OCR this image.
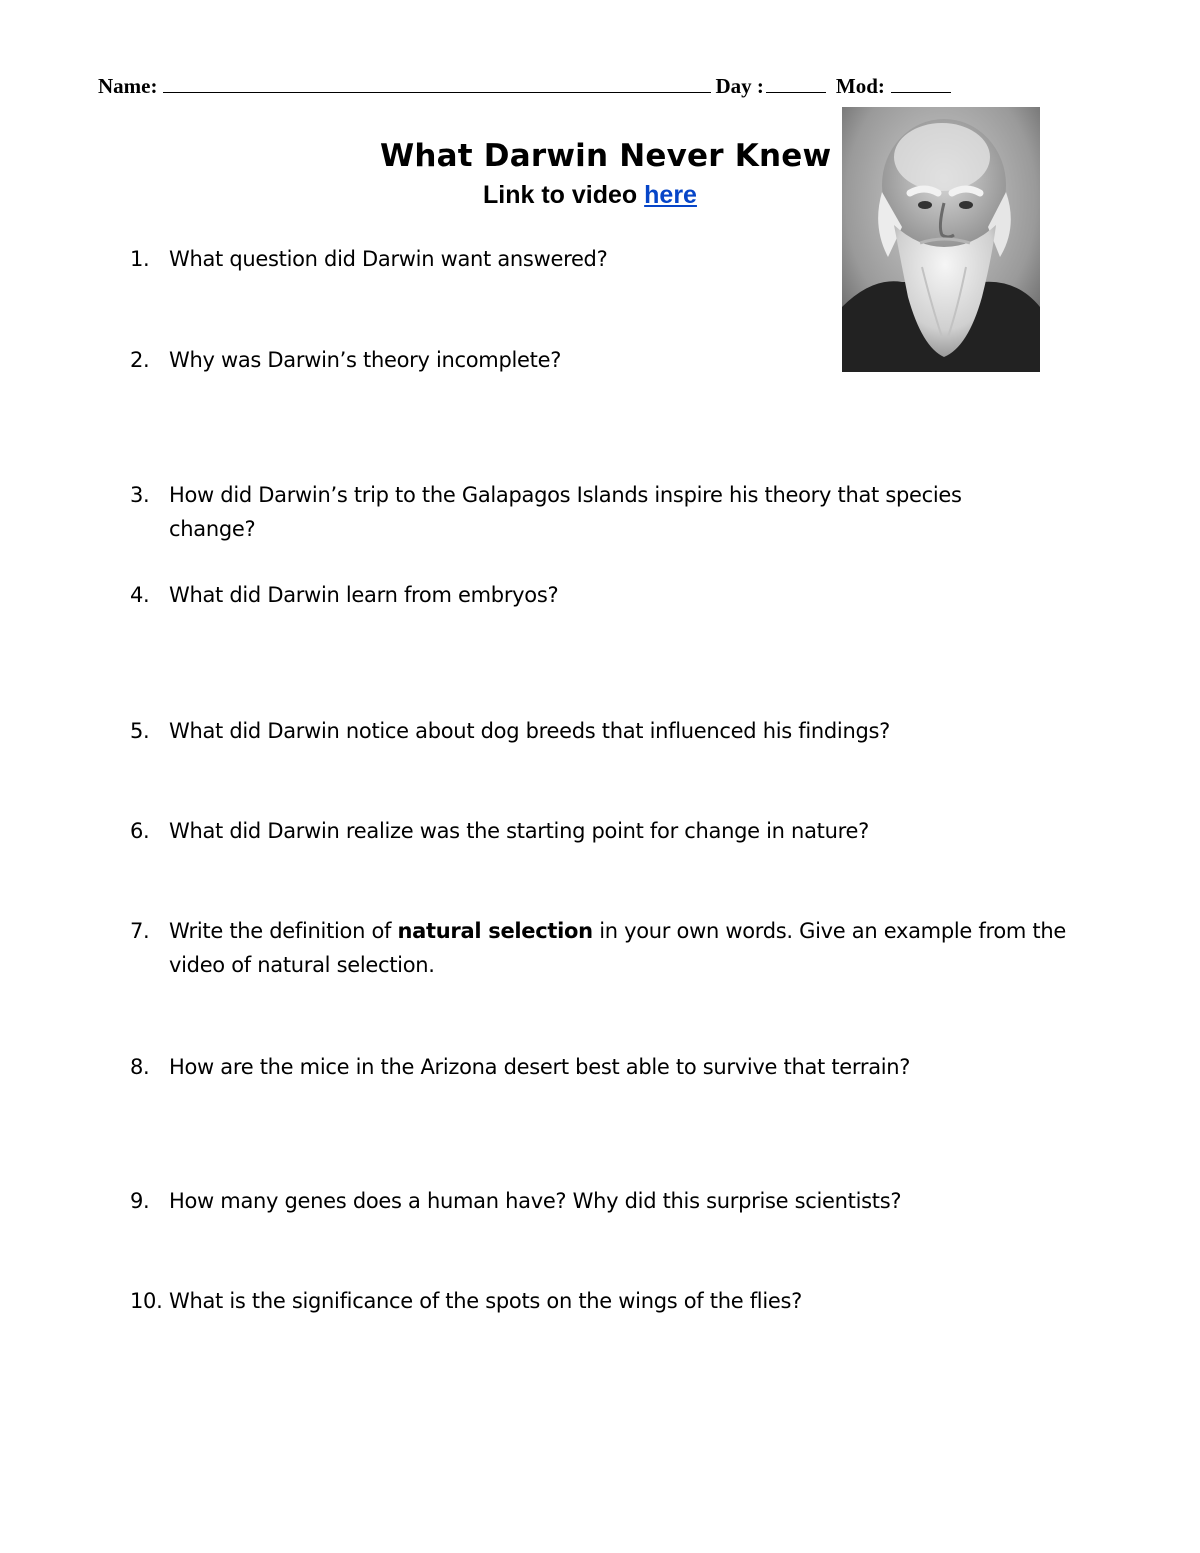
Name:	Day :	Mod:
What Darwin Never Knew
Link to video here
1. What question did Darwin want answered?
2. Why was Darwin’s theory incomplete?
3. How did Darwin’s trip to the Galapagos Islands inspire his theory that species change?
4. What did Darwin learn from embryos?
5. What did Darwin notice about dog breeds that influenced his findings?
6. What did Darwin realize was the starting point for change in nature?
7. Write the definition of natural selection in your own words. Give an example from the video of natural selection.
8. How are the mice in the Arizona desert best able to survive that terrain?
9. How many genes does a human have? Why did this surprise scientists?
10. What is the significance of the spots on the wings of the flies?
